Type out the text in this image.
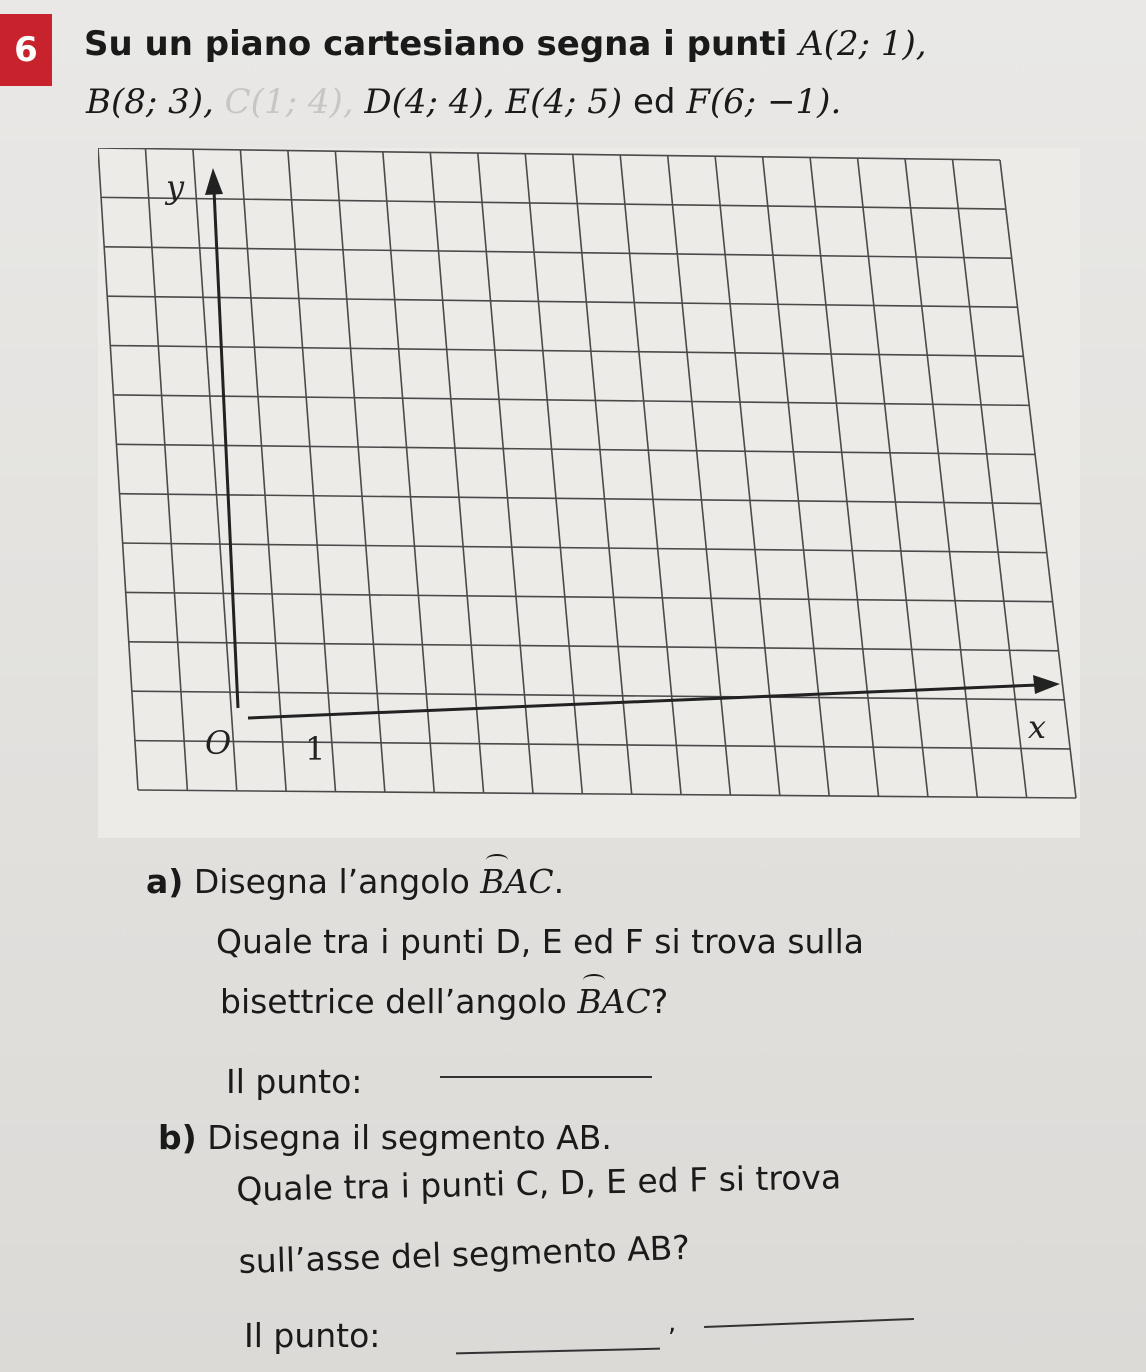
6	Su un piano cartesiano segna i punti A(2; 1),
B(8; 3), C(1; 4), D(4; 4), E(4; 5) ed F(6; −1).
y
x
O 1
a) Disegna l’angolo BAC.
Quale tra i punti D, E ed F si trova sulla
bisettrice dell’angolo BAC?
Il punto:
b) Disegna il segmento AB.
Quale tra i punti C, D, E ed F si trova
sull’asse del segmento AB?
Il punto:	,
